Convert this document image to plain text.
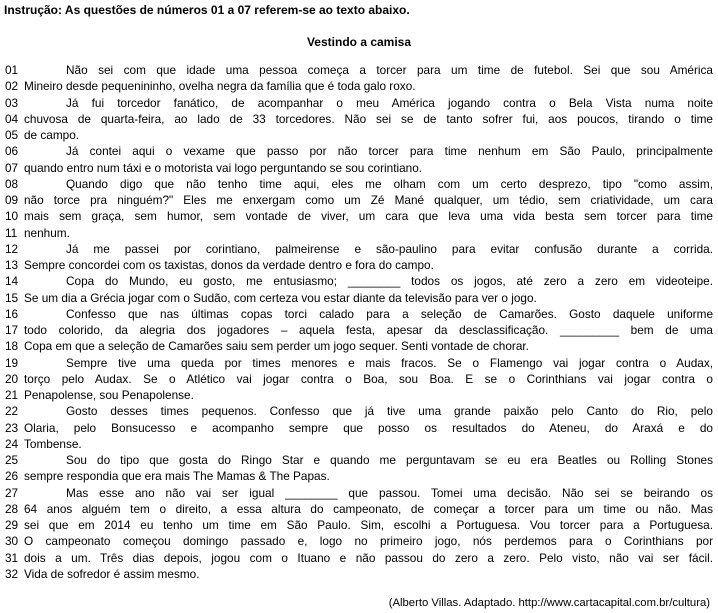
Instrução: As questões de números 01 a 07 referem-se ao texto abaixo.
Vestindo a camisa
01	Não sei com que idade uma pessoa começa a torcer para um time de futebol. Sei que sou América
02 Mineiro desde pequenininho, ovelha negra da família que é toda galo roxo.
03	Já fui torcedor fanático, de acompanhar o meu América jogando contra o Bela Vista numa noite
04 chuvosa de quarta-feira, ao lado de 33 torcedores. Não sei se de tanto sofrer fui, aos poucos, tirando o time
05 de campo.
06	Já contei aqui o vexame que passo por não torcer para time nenhum em São Paulo, principalmente
07 quando entro num táxi e o motorista vai logo perguntando se sou corintiano.
08	Quando digo que não tenho time aqui, eles me olham com um certo desprezo, tipo "como assim,
09 não torce pra ninguém?" Eles me enxergam como um Zé Mané qualquer, um tédio, sem criatividade, um cara
10 mais sem graça, sem humor, sem vontade de viver, um cara que leva uma vida besta sem torcer para time
11 nenhum.
12	Já me passei por corintiano, palmeirense e são-paulino para evitar confusão durante a corrida.
13 Sempre concordei com os taxistas, donos da verdade dentro e fora do campo.
14	Copa do Mundo, eu gosto, me entusiasmo; ________ todos os jogos, até zero a zero em videoteipe.
15 Se um dia a Grécia jogar com o Sudão, com certeza vou estar diante da televisão para ver o jogo.
16	Confesso que nas últimas copas torci calado para a seleção de Camarões. Gosto daquele uniforme
17 todo colorido, da alegria dos jogadores – aquela festa, apesar da desclassificação. _________ bem de uma
18 Copa em que a seleção de Camarões saiu sem perder um jogo sequer. Senti vontade de chorar.
19	Sempre tive uma queda por times menores e mais fracos. Se o Flamengo vai jogar contra o Audax,
20 torço pelo Audax. Se o Atlético vai jogar contra o Boa, sou Boa. E se o Corinthians vai jogar contra o
21 Penapolense, sou Penapolense.
22	Gosto desses times pequenos. Confesso que já tive uma grande paixão pelo Canto do Rio, pelo
23 Olaria, pelo Bonsucesso e acompanho sempre que posso os resultados do Ateneu, do Araxá e do
24 Tombense.
25	Sou do tipo que gosta do Ringo Star e quando me perguntavam se eu era Beatles ou Rolling Stones
26 sempre respondia que era mais The Mamas & The Papas.
27	Mas esse ano não vai ser igual ________ que passou. Tomei uma decisão. Não sei se beirando os
28 64 anos alguém tem o direito, a essa altura do campeonato, de começar a torcer para um time ou não. Mas
29 sei que em 2014 eu tenho um time em São Paulo. Sim, escolhi a Portuguesa. Vou torcer para a Portuguesa.
30 O campeonato começou domingo passado e, logo no primeiro jogo, nós perdemos para o Corinthians por
31 dois a um. Três dias depois, jogou com o Ituano e não passou do zero a zero. Pelo visto, não vai ser fácil.
32 Vida de sofredor é assim mesmo.
(Alberto Villas. Adaptado. http://www.cartacapital.com.br/cultura)
